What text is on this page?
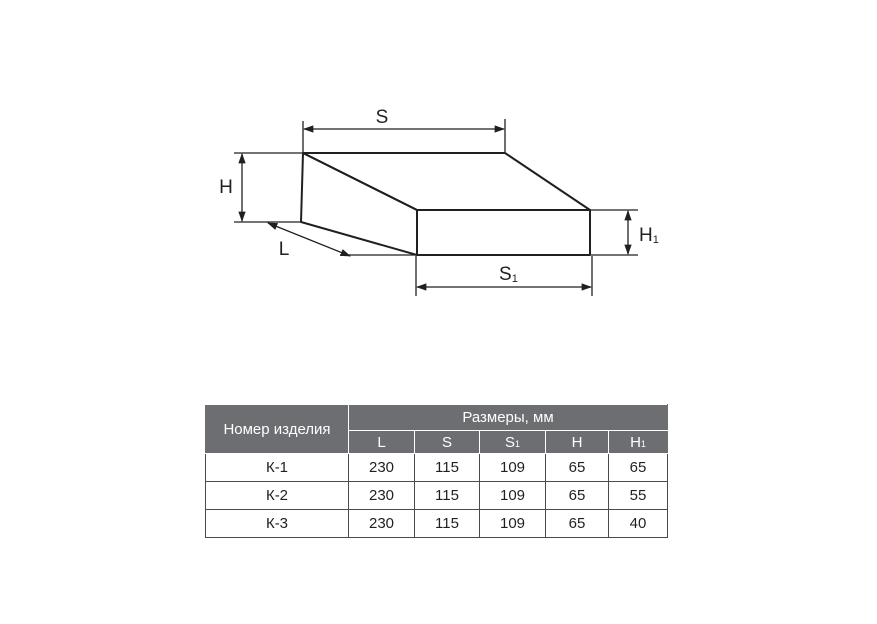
S
H
L
H1
S1
Номер изделия	Размеры, мм				
	L	S	S1	H	H1
К-1	230	115	109	65	65
К-2	230	115	109	65	55
К-3	230	115	109	65	40
